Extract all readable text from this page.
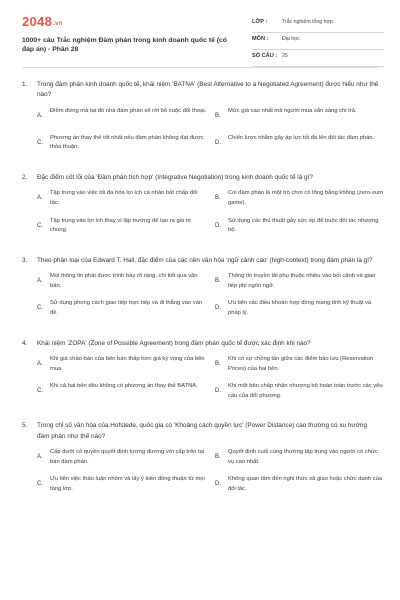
2048.vn
1000+ câu Trắc nghiệm Đàm phán trong kinh doanh quốc tế (có đáp án) - Phần 28
LỚP :	Trắc nghiệm tổng hợp
MÔN :	Đại học
SỐ CÂU : 25
1. Trong đàm phán kinh doanh quốc tế, khái niệm 'BATNA' (Best Alternative to a Negotiated Agreement) được hiểu như thế nào?
A.
Điểm dừng mà tại đó nhà đàm phán sẽ rời bỏ cuộc đối thoại.
B.
Mức giá cao nhất mà người mua sẵn sàng chi trả.
C.
Phương án thay thế tốt nhất nếu đàm phán không đạt được thỏa thuận.
D.
Chiến lược nhằm gây áp lực tối đa lên đối tác đàm phán.
2. Đặc điểm cốt lõi của 'Đàm phán tích hợp' (Integrative Negotiation) trong kinh doanh quốc tế là gì?
A.
Tập trung vào việc tối đa hóa lợi ích cá nhân bất chấp đối tác.
B.
Coi đàm phán là một trò chơi có tổng bằng không (zero-sum game).
C.
Tập trung vào lợi ích thay vì lập trường để tạo ra giá trị chung.
D.
Sử dụng các thủ thuật gây sức ép để buộc đối tác nhượng bộ.
3. Theo phân loại của Edward T. Hall, đặc điểm của các nền văn hóa 'ngữ cảnh cao' (high-context) trong đàm phán là gì?
A.
Mọi thông tin phải được trình bày rõ ràng, chi tiết qua văn bản.
B.
Thông tin truyền tải phụ thuộc nhiều vào bối cảnh và giao tiếp phi ngôn ngữ.
C.
Sử dụng phong cách giao tiếp trực tiếp và đi thẳng vào vấn đề.
D.
Ưu tiên các điều khoản hợp đồng mang tính kỹ thuật và pháp lý.
4. Khái niệm 'ZOPA' (Zone of Possible Agreement) trong đàm phán quốc tế được xác định khi nào?
A.
Khi giá chào bán của bên bán thấp hơn giá kỳ vọng của bên mua.
B.
Khi có sự chồng lấn giữa các điểm bảo lưu (Reservation Prices) của hai bên.
C.
Khi cả hai bên đều không có phương án thay thế BATNA.
D.
Khi một bên chấp nhận nhượng bộ hoàn toàn trước các yêu cầu của đối phương.
5. Trong chỉ số văn hóa của Hofstede, quốc gia có 'Khoảng cách quyền lực' (Power Distance) cao thường có xu hướng đàm phán như thế nào?
A.
Cấp dưới có quyền quyết định tương đương với cấp trên tại bàn đàm phán.
B.
Quyết định cuối cùng thường tập trung vào người có chức vụ cao nhất.
C.
Ưu tiên việc thảo luận nhóm và lấy ý kiến đồng thuận từ mọi tầng lớp.
D.
Không quan tâm đến nghi thức xã giao hoặc chức danh của đối tác.
